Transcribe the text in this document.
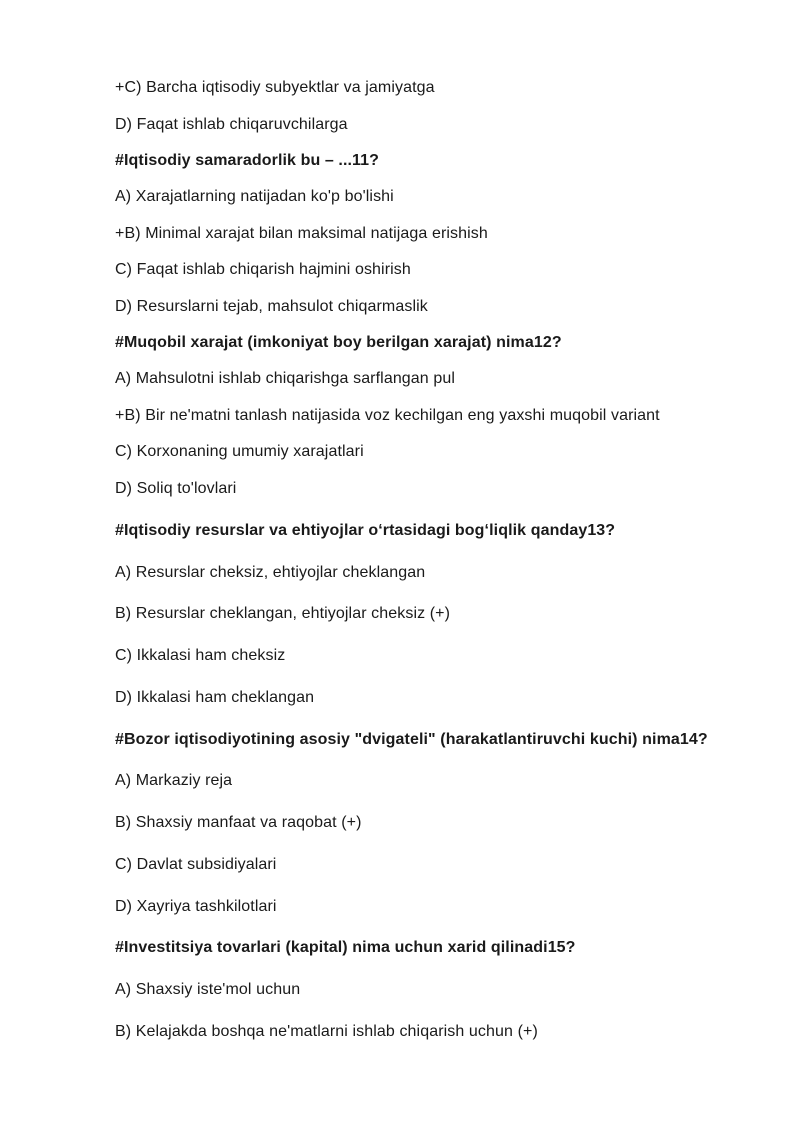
+C) Barcha iqtisodiy subyektlar va jamiyatga
D) Faqat ishlab chiqaruvchilarga
#Iqtisodiy samaradorlik bu – ...11?
A) Xarajatlarning natijadan ko'p bo'lishi
+B) Minimal xarajat bilan maksimal natijaga erishish
C) Faqat ishlab chiqarish hajmini oshirish
D) Resurslarni tejab, mahsulot chiqarmaslik
#Muqobil xarajat (imkoniyat boy berilgan xarajat) nima12?
A) Mahsulotni ishlab chiqarishga sarflangan pul
+B) Bir ne'matni tanlash natijasida voz kechilgan eng yaxshi muqobil variant
C) Korxonaning umumiy xarajatlari
D) Soliq to'lovlari
#Iqtisodiy resurslar va ehtiyojlar oʻrtasidagi bogʻliqlik qanday13?
A) Resurslar cheksiz, ehtiyojlar cheklangan
B) Resurslar cheklangan, ehtiyojlar cheksiz (+)
C) Ikkalasi ham cheksiz
D) Ikkalasi ham cheklangan
#Bozor iqtisodiyotining asosiy "dvigateli" (harakatlantiruvchi kuchi) nima14?
A) Markaziy reja
B) Shaxsiy manfaat va raqobat (+)
C) Davlat subsidiyalari
D) Xayriya tashkilotlari
#Investitsiya tovarlari (kapital) nima uchun xarid qilinadi15?
A) Shaxsiy iste'mol uchun
B) Kelajakda boshqa ne'matlarni ishlab chiqarish uchun (+)
